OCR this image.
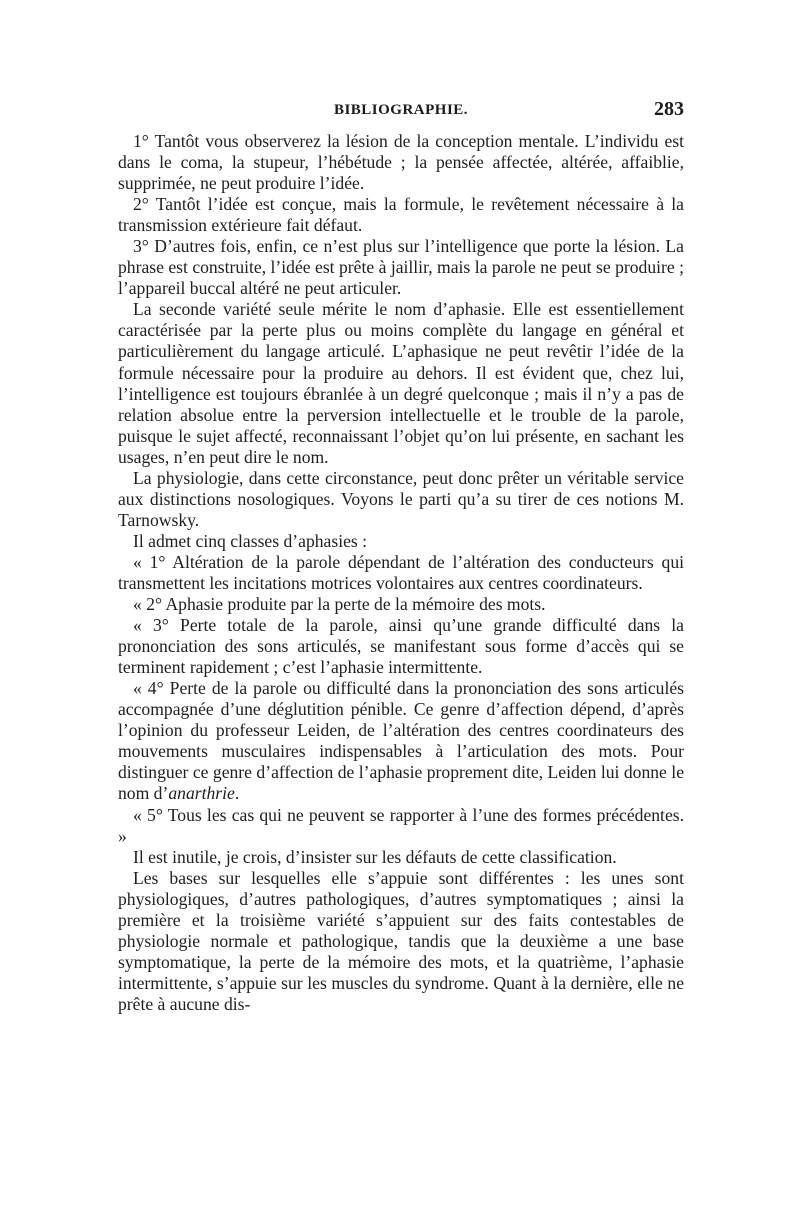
BIBLIOGRAPHIE.	283

1° Tantôt vous observerez la lésion de la conception mentale. L’individu est dans le coma, la stupeur, l’hébétude ; la pensée affectée, altérée, affaiblie, supprimée, ne peut produire l’idée.

2° Tantôt l’idée est conçue, mais la formule, le revêtement nécessaire à la transmission extérieure fait défaut.

3° D’autres fois, enfin, ce n’est plus sur l’intelligence que porte la lésion. La phrase est construite, l’idée est prête à jaillir, mais la parole ne peut se produire ; l’appareil buccal altéré ne peut articuler.

La seconde variété seule mérite le nom d’aphasie. Elle est essentiellement caractérisée par la perte plus ou moins complète du langage en général et particulièrement du langage articulé. L’aphasique ne peut revêtir l’idée de la formule nécessaire pour la produire au dehors. Il est évident que, chez lui, l’intelligence est toujours ébranlée à un degré quelconque ; mais il n’y a pas de relation absolue entre la perversion intellectuelle et le trouble de la parole, puisque le sujet affecté, reconnaissant l’objet qu’on lui présente, en sachant les usages, n’en peut dire le nom.

La physiologie, dans cette circonstance, peut donc prêter un véritable service aux distinctions nosologiques. Voyons le parti qu’a su tirer de ces notions M. Tarnowsky.

Il admet cinq classes d’aphasies :

« 1° Altération de la parole dépendant de l’altération des conducteurs qui transmettent les incitations motrices volontaires aux centres coordinateurs.

« 2° Aphasie produite par la perte de la mémoire des mots.

« 3° Perte totale de la parole, ainsi qu’une grande difficulté dans la prononciation des sons articulés, se manifestant sous forme d’accès qui se terminent rapidement ; c’est l’aphasie intermittente.

« 4° Perte de la parole ou difficulté dans la prononciation des sons articulés accompagnée d’une déglutition pénible. Ce genre d’affection dépend, d’après l’opinion du professeur Leiden, de l’altération des centres coordinateurs des mouvements musculaires indispensables à l’articulation des mots. Pour distinguer ce genre d’affection de l’aphasie proprement dite, Leiden lui donne le nom d’anarthrie.

« 5° Tous les cas qui ne peuvent se rapporter à l’une des formes précédentes. »

Il est inutile, je crois, d’insister sur les défauts de cette classification.

Les bases sur lesquelles elle s’appuie sont différentes : les unes sont physiologiques, d’autres pathologiques, d’autres symptomatiques ; ainsi la première et la troisième variété s’appuient sur des faits contestables de physiologie normale et pathologique, tandis que la deuxième a une base symptomatique, la perte de la mémoire des mots, et la quatrième, l’aphasie intermittente, s’appuie sur les muscles du syndrome. Quant à la dernière, elle ne prête à aucune dis-
